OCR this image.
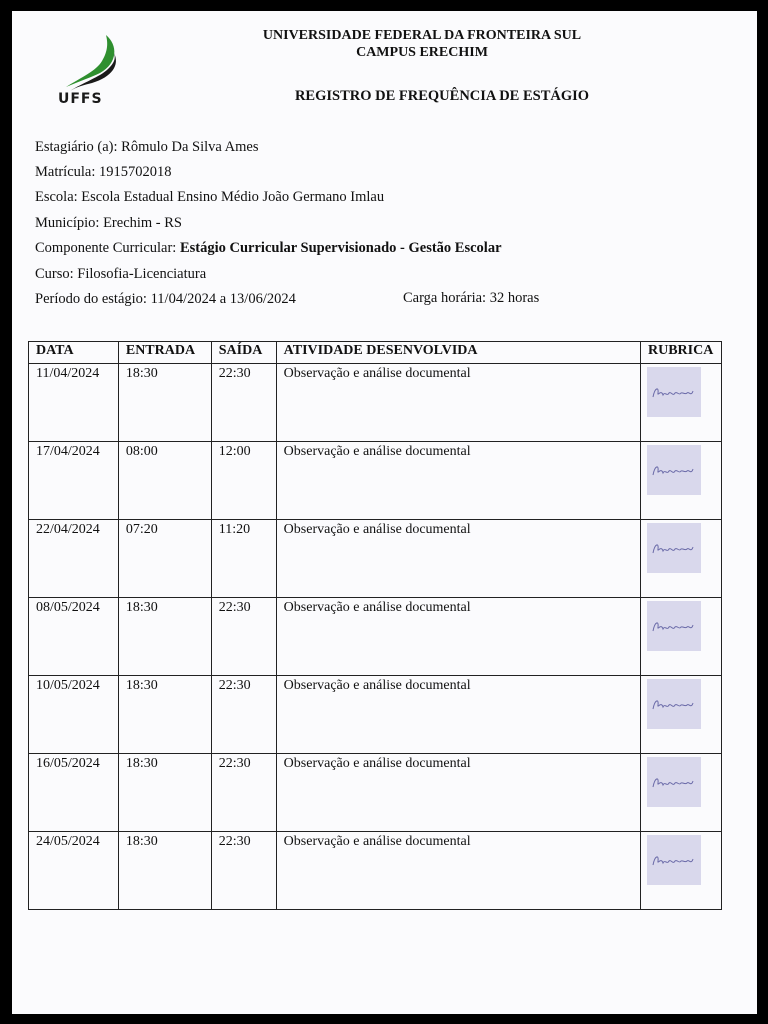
UFFS
UNIVERSIDADE FEDERAL DA FRONTEIRA SUL
CAMPUS ERECHIM
REGISTRO DE FREQUÊNCIA DE ESTÁGIO
Estagiário (a): Rômulo Da Silva Ames
Matrícula: 1915702018
Escola: Escola Estadual Ensino Médio João Germano Imlau
Município: Erechim - RS
Componente Curricular: Estágio Curricular Supervisionado - Gestão Escolar
Curso: Filosofia-Licenciatura
Período do estágio: 11/04/2024 a 13/06/2024	Carga horária: 32 horas
DATA	ENTRADA	SAÍDA	ATIVIDADE DESENVOLVIDA	RUBRICA
11/04/2024	18:30	22:30	Observação e análise documental	

17/04/2024	08:00	12:00	Observação e análise documental	

22/04/2024	07:20	11:20	Observação e análise documental	

08/05/2024	18:30	22:30	Observação e análise documental	

10/05/2024	18:30	22:30	Observação e análise documental	

16/05/2024	18:30	22:30	Observação e análise documental	

24/05/2024	18:30	22:30	Observação e análise documental	
